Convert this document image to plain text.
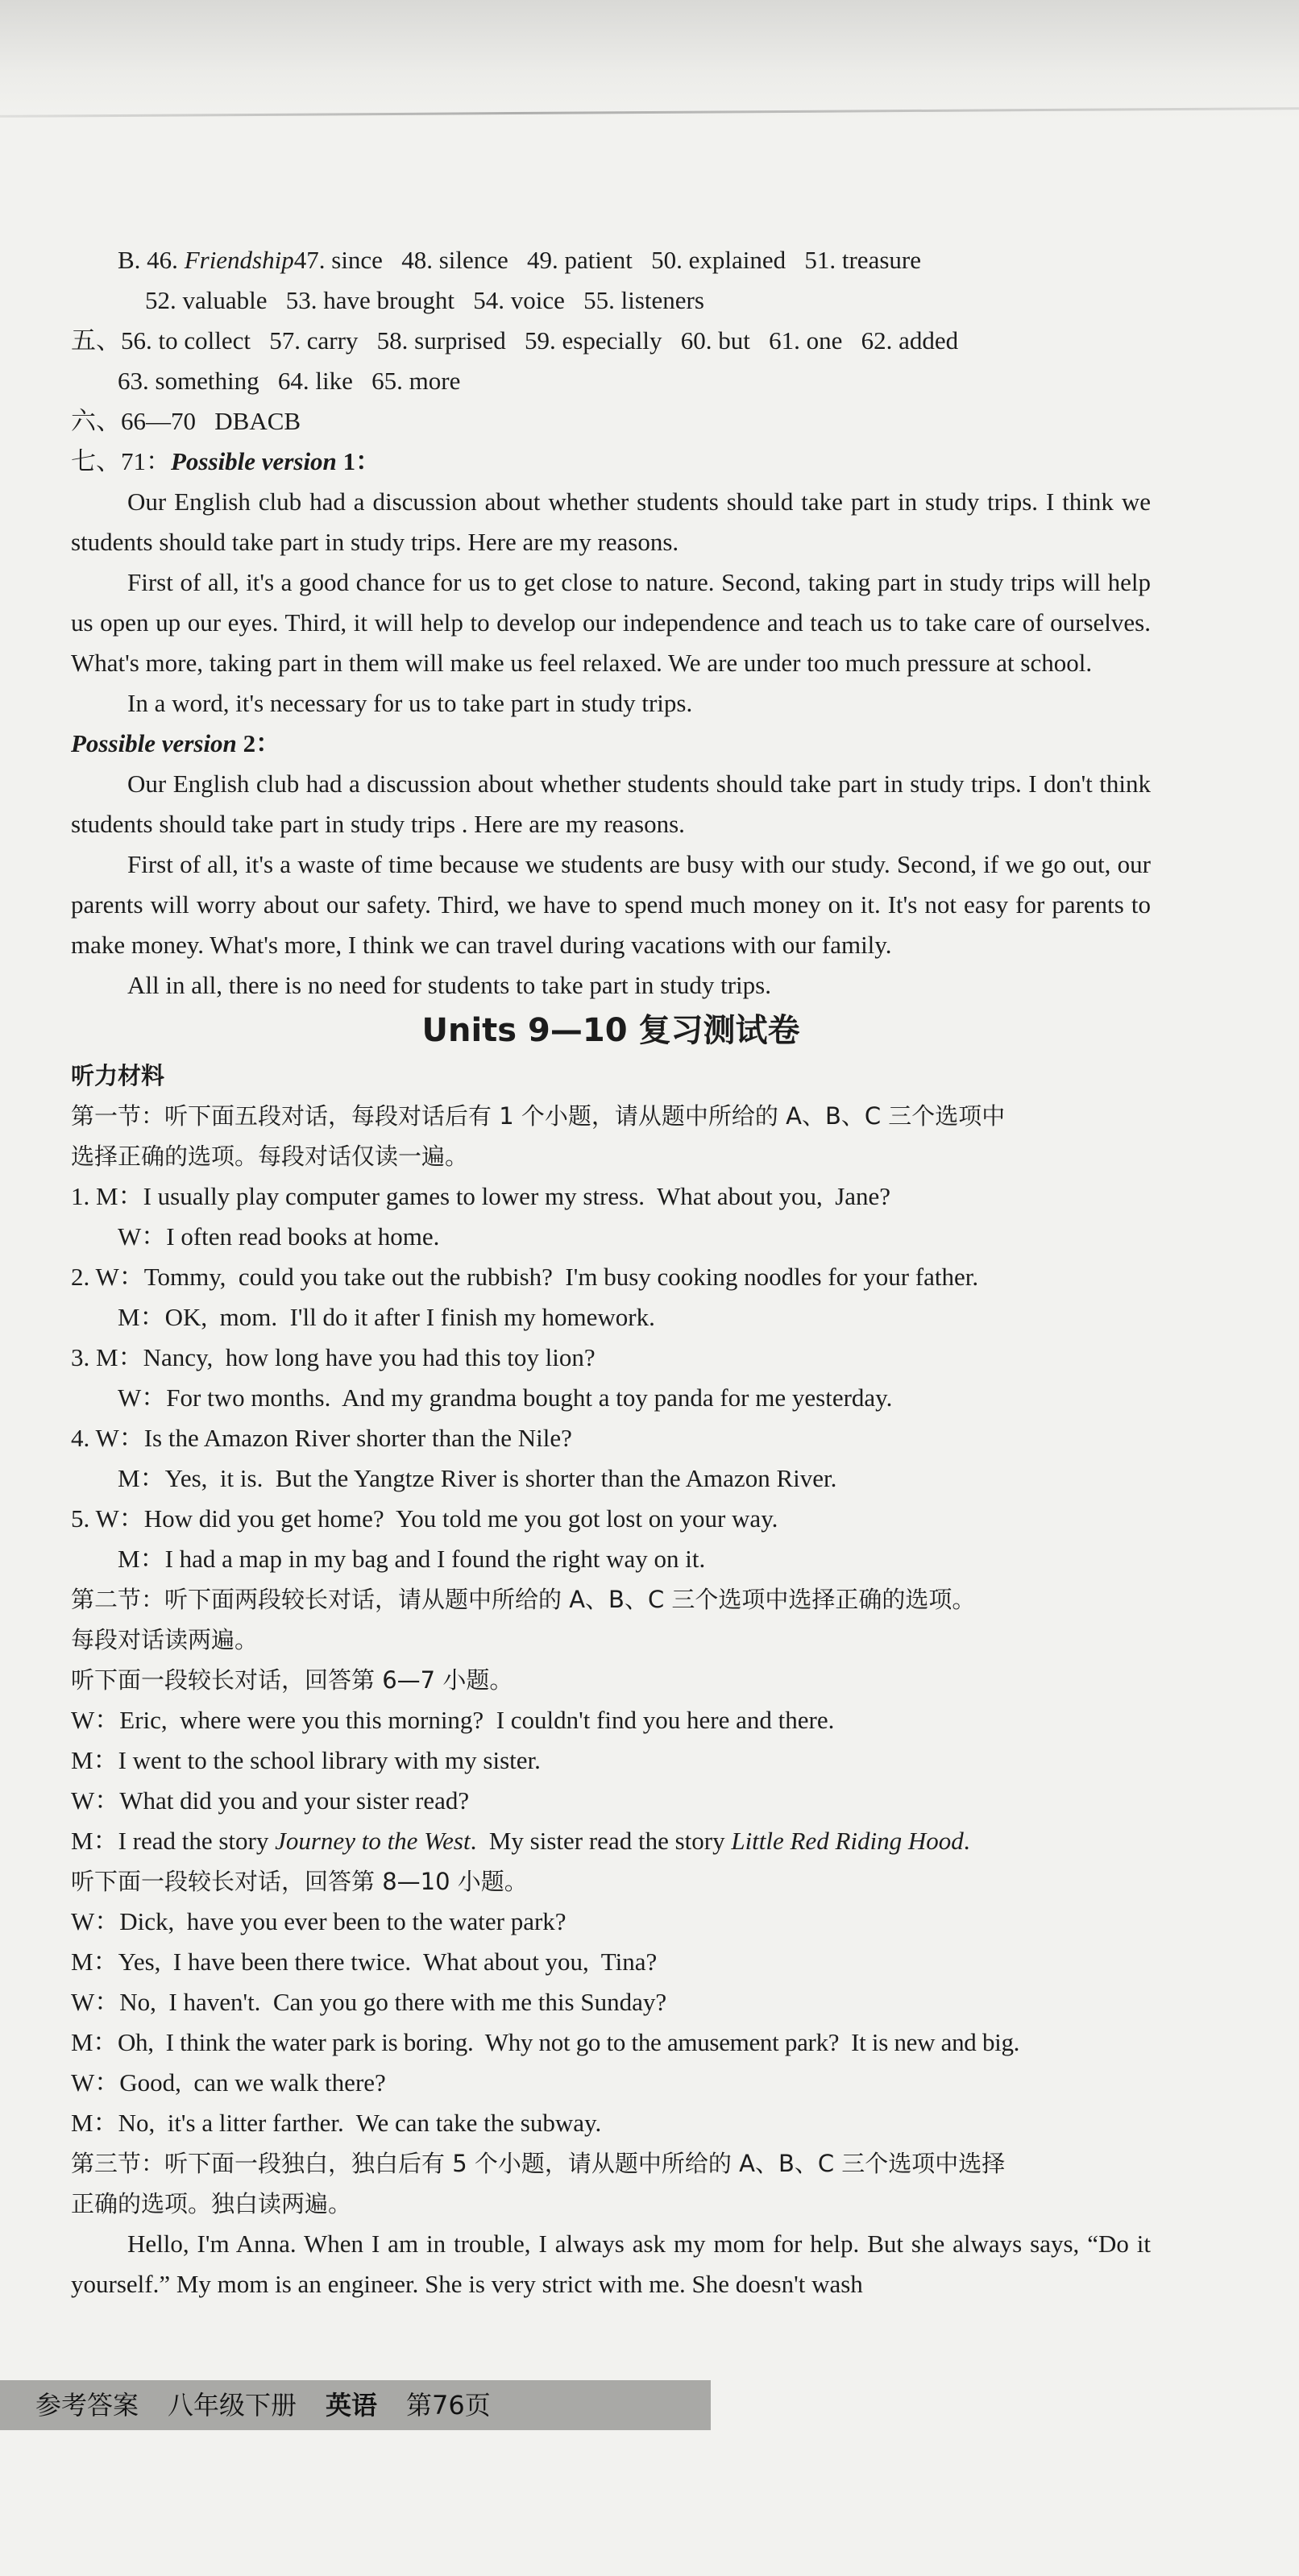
B. 46. Friendship47. since   48. silence   49. patient   50. explained   51. treasure
52. valuable   53. have brought   54. voice   55. listeners
五、56. to collect   57. carry   58. surprised   59. especially   60. but   61. one   62. added
63. something   64. like   65. more
六、66—70   DBACB
七、71：Possible version 1：
Our English club had a discussion about whether students should take part in study trips. I think we students should take part in study trips. Here are my reasons.
First of all, it's a good chance for us to get close to nature. Second, taking part in study trips will help us open up our eyes. Third, it will help to develop our independence and teach us to take care of ourselves. What's more, taking part in them will make us feel relaxed. We are under too much pressure at school.
In a word, it's necessary for us to take part in study trips.
Possible version 2：
Our English club had a discussion about whether students should take part in study trips. I don't think students should take part in study trips . Here are my reasons.
First of all, it's a waste of time because we students are busy with our study. Second, if we go out, our parents will worry about our safety. Third, we have to spend much money on it. It's not easy for parents to make money. What's more, I think we can travel during vacations with our family.
All in all, there is no need for students to take part in study trips.
Units 9—10 复习测试卷
听力材料
第一节：听下面五段对话，每段对话后有 1 个小题，请从题中所给的 A、B、C 三个选项中
选择正确的选项。每段对话仅读一遍。
1. M：I usually play computer games to lower my stress.  What about you,  Jane?
W：I often read books at home.
2. W：Tommy,  could you take out the rubbish?  I'm busy cooking noodles for your father.
M：OK,  mom.  I'll do it after I finish my homework.
3. M：Nancy,  how long have you had this toy lion?
W：For two months.  And my grandma bought a toy panda for me yesterday.
4. W：Is the Amazon River shorter than the Nile?
M：Yes,  it is.  But the Yangtze River is shorter than the Amazon River.
5. W：How did you get home?  You told me you got lost on your way.
M：I had a map in my bag and I found the right way on it.
第二节：听下面两段较长对话，请从题中所给的 A、B、C 三个选项中选择正确的选项。
每段对话读两遍。
听下面一段较长对话，回答第 6—7 小题。
W：Eric,  where were you this morning?  I couldn't find you here and there.
M：I went to the school library with my sister.
W：What did you and your sister read?
M：I read the story Journey to the West.  My sister read the story Little Red Riding Hood.
听下面一段较长对话，回答第 8—10 小题。
W：Dick,  have you ever been to the water park?
M：Yes,  I have been there twice.  What about you,  Tina?
W：No,  I haven't.  Can you go there with me this Sunday?
M：Oh,  I think the water park is boring.  Why not go to the amusement park?  It is new and big.
W：Good,  can we walk there?
M：No,  it's a litter farther.  We can take the subway.
第三节：听下面一段独白，独白后有 5 个小题，请从题中所给的 A、B、C 三个选项中选择
正确的选项。独白读两遍。
Hello, I'm Anna. When I am in trouble, I always ask my mom for help. But she always says, “Do it yourself.” My mom is an engineer. She is very strict with me. She doesn't wash
参考答案 八年级下册 英语 第76页
